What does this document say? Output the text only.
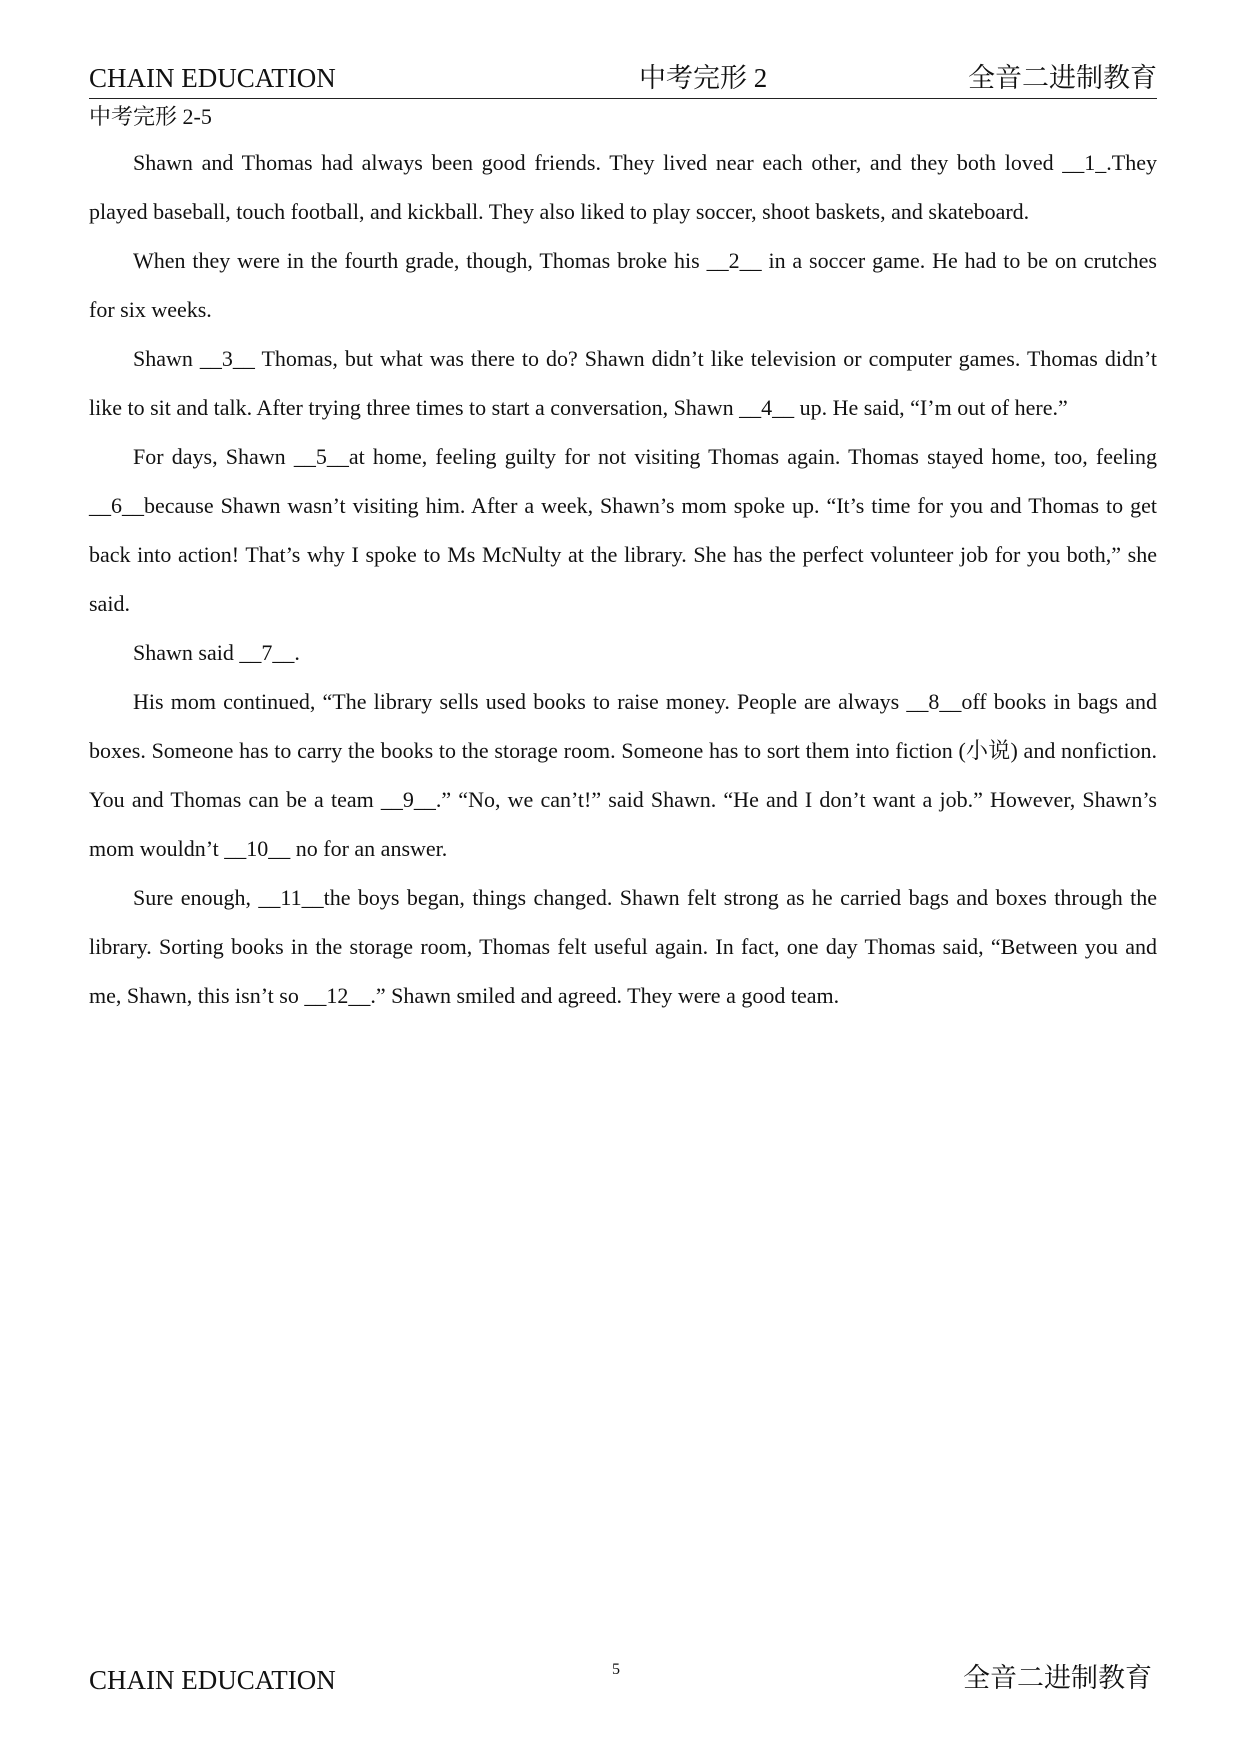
CHAIN EDUCATION	中考完形 2	全音二进制教育
中考完形 2-5

Shawn and Thomas had always been good friends. They lived near each other, and they both loved __1_.They played baseball, touch football, and kickball. They also liked to play soccer, shoot baskets, and skateboard.

When they were in the fourth grade, though, Thomas broke his __2__ in a soccer game. He had to be on crutches for six weeks.

Shawn __3__ Thomas, but what was there to do? Shawn didn’t like television or computer games. Thomas didn’t like to sit and talk. After trying three times to start a conversation, Shawn __4__ up. He said, “I’m out of here.”

For days, Shawn __5__at home, feeling guilty for not visiting Thomas again. Thomas stayed home, too, feeling __6__because Shawn wasn’t visiting him. After a week, Shawn’s mom spoke up. “It’s time for you and Thomas to get back into action! That’s why I spoke to Ms McNulty at the library. She has the perfect volunteer job for you both,” she said.

Shawn said __7__.

His mom continued, “The library sells used books to raise money. People are always __8__off books in bags and boxes. Someone has to carry the books to the storage room. Someone has to sort them into fiction (小说) and nonfiction. You and Thomas can be a team __9__.” “No, we can’t!” said Shawn. “He and I don’t want a job.” However, Shawn’s mom wouldn’t __10__ no for an answer.

Sure enough, __11__the boys began, things changed. Shawn felt strong as he carried bags and boxes through the library. Sorting books in the storage room, Thomas felt useful again. In fact, one day Thomas said, “Between you and me, Shawn, this isn’t so __12__.” Shawn smiled and agreed. They were a good team.

CHAIN EDUCATION	5	全音二进制教育
